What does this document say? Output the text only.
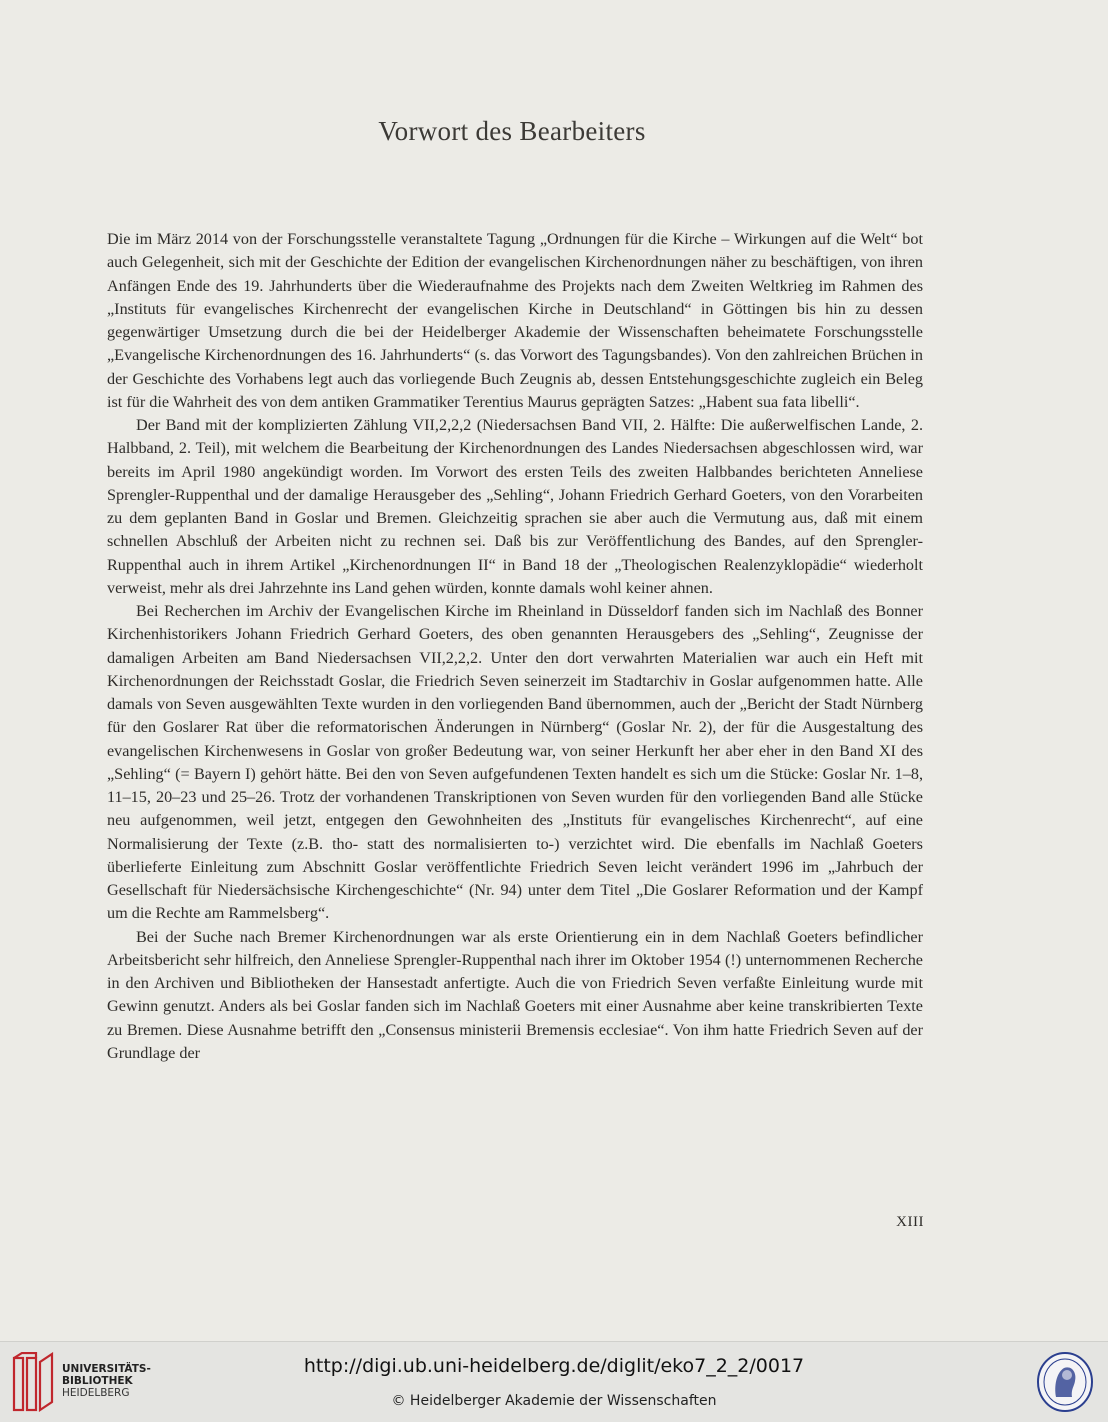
Vorwort des Bearbeiters

Die im März 2014 von der Forschungsstelle veranstaltete Tagung „Ordnungen für die Kirche – Wirkungen auf die Welt“ bot auch Gelegenheit, sich mit der Geschichte der Edition der evangelischen Kirchenordnungen näher zu beschäftigen, von ihren Anfängen Ende des 19. Jahrhunderts über die Wiederaufnahme des Projekts nach dem Zweiten Weltkrieg im Rahmen des „Instituts für evangelisches Kirchenrecht der evangelischen Kirche in Deutschland“ in Göttingen bis hin zu dessen gegenwärtiger Umsetzung durch die bei der Heidelberger Akademie der Wissenschaften beheimatete Forschungsstelle „Evangelische Kirchenordnungen des 16. Jahrhunderts“ (s. das Vorwort des Tagungsbandes). Von den zahlreichen Brüchen in der Geschichte des Vorhabens legt auch das vorliegende Buch Zeugnis ab, dessen Entstehungsgeschichte zugleich ein Beleg ist für die Wahrheit des von dem antiken Grammatiker Terentius Maurus geprägten Satzes: „Habent sua fata libelli“.

Der Band mit der komplizierten Zählung VII,2,2,2 (Niedersachsen Band VII, 2. Hälfte: Die außerwelfischen Lande, 2. Halbband, 2. Teil), mit welchem die Bearbeitung der Kirchenordnungen des Landes Niedersachsen abgeschlossen wird, war bereits im April 1980 angekündigt worden. Im Vorwort des ersten Teils des zweiten Halbbandes berichteten Anneliese Sprengler-Ruppenthal und der damalige Herausgeber des „Sehling“, Johann Friedrich Gerhard Goeters, von den Vorarbeiten zu dem geplanten Band in Goslar und Bremen. Gleichzeitig sprachen sie aber auch die Vermutung aus, daß mit einem schnellen Abschluß der Arbeiten nicht zu rechnen sei. Daß bis zur Veröffentlichung des Bandes, auf den Sprengler-Ruppenthal auch in ihrem Artikel „Kirchenordnungen II“ in Band 18 der „Theologischen Realenzyklopädie“ wiederholt verweist, mehr als drei Jahrzehnte ins Land gehen würden, konnte damals wohl keiner ahnen.

Bei Recherchen im Archiv der Evangelischen Kirche im Rheinland in Düsseldorf fanden sich im Nachlaß des Bonner Kirchenhistorikers Johann Friedrich Gerhard Goeters, des oben genannten Herausgebers des „Sehling“, Zeugnisse der damaligen Arbeiten am Band Niedersachsen VII,2,2,2. Unter den dort verwahrten Materialien war auch ein Heft mit Kirchenordnungen der Reichsstadt Goslar, die Friedrich Seven seinerzeit im Stadtarchiv in Goslar aufgenommen hatte. Alle damals von Seven ausgewählten Texte wurden in den vorliegenden Band übernommen, auch der „Bericht der Stadt Nürnberg für den Goslarer Rat über die reformatorischen Änderungen in Nürnberg“ (Goslar Nr. 2), der für die Ausgestaltung des evangelischen Kirchenwesens in Goslar von großer Bedeutung war, von seiner Herkunft her aber eher in den Band XI des „Sehling“ (= Bayern I) gehört hätte. Bei den von Seven aufgefundenen Texten handelt es sich um die Stücke: Goslar Nr. 1–8, 11–15, 20–23 und 25–26. Trotz der vorhandenen Transkriptionen von Seven wurden für den vorliegenden Band alle Stücke neu aufgenommen, weil jetzt, entgegen den Gewohnheiten des „Instituts für evangelisches Kirchenrecht“, auf eine Normalisierung der Texte (z.B. tho- statt des normalisierten to-) verzichtet wird. Die ebenfalls im Nachlaß Goeters überlieferte Einleitung zum Abschnitt Goslar veröffentlichte Friedrich Seven leicht verändert 1996 im „Jahrbuch der Gesellschaft für Niedersächsische Kirchengeschichte“ (Nr. 94) unter dem Titel „Die Goslarer Reformation und der Kampf um die Rechte am Rammelsberg“.

Bei der Suche nach Bremer Kirchenordnungen war als erste Orientierung ein in dem Nachlaß Goeters befindlicher Arbeitsbericht sehr hilfreich, den Anneliese Sprengler-Ruppenthal nach ihrer im Oktober 1954 (!) unternommenen Recherche in den Archiven und Bibliotheken der Hansestadt anfertigte. Auch die von Friedrich Seven verfaßte Einleitung wurde mit Gewinn genutzt. Anders als bei Goslar fanden sich im Nachlaß Goeters mit einer Ausnahme aber keine transkribierten Texte zu Bremen. Diese Ausnahme betrifft den „Consensus ministerii Bremensis ecclesiae“. Von ihm hatte Friedrich Seven auf der Grundlage der

XIII
UNIVERSITÄTS-
BIBLIOTHEK
HEIDELBERG
http://digi.ub.uni-heidelberg.de/diglit/eko7_2_2/0017
© Heidelberger Akademie der Wissenschaften
